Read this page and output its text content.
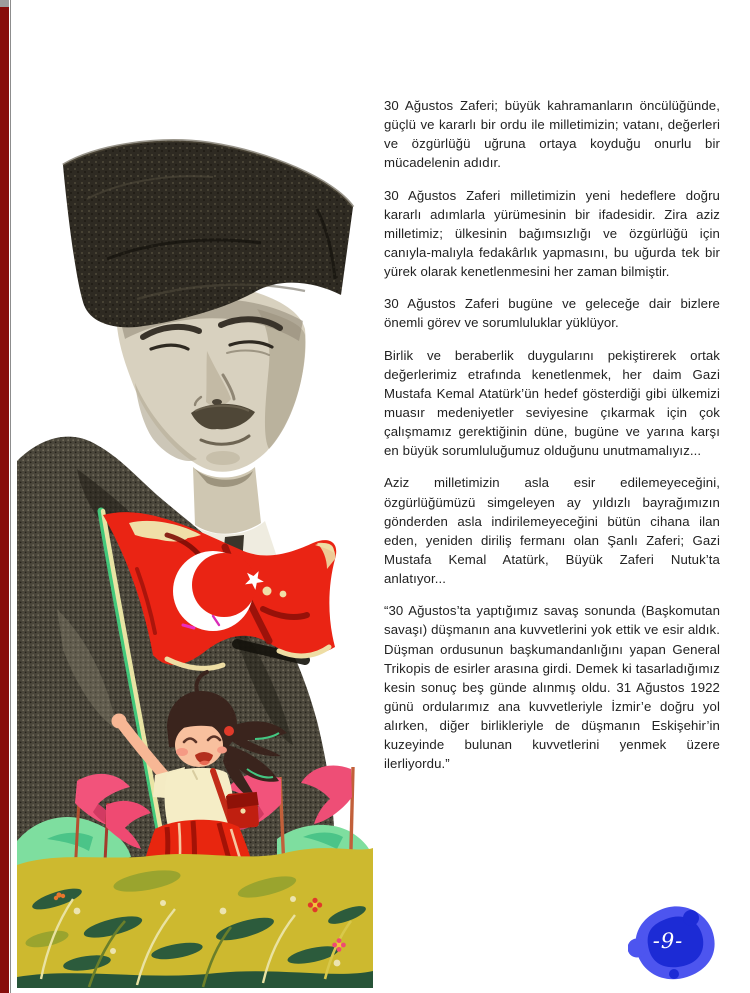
30 Ağustos Zaferi; büyük kahramanların öncülüğünde, güçlü ve kararlı bir ordu ile milletimizin; vatanı, değerleri ve özgürlüğü uğruna ortaya koyduğu onurlu bir mücadelenin adıdır.

30 Ağustos Zaferi milletimizin yeni hedeflere doğru kararlı adımlarla yürümesinin bir ifadesidir. Zira aziz milletimiz; ülkesinin bağımsızlığı ve özgürlüğü için canıyla-malıyla fedakârlık yapmasını, bu uğurda tek bir yürek olarak kenetlenmesini her zaman bilmiştir.

30 Ağustos Zaferi bugüne ve geleceğe dair bizlere önemli görev ve sorumluluklar yüklüyor.

Birlik ve beraberlik duygularını pekiştirerek ortak değerlerimiz etrafında kenetlenmek, her daim Gazi Mustafa Kemal Atatürk’ün hedef gösterdiği gibi ülkemizi muasır medeniyetler seviyesine çıkarmak için çok çalışmamız gerektiğinin düne, bugüne ve yarına karşı en büyük sorumluluğumuz olduğunu unutmamalıyız...

Aziz milletimizin asla esir edilemeyeceğini, özgürlüğümüzü simgeleyen ay yıldızlı bayrağımızın gönderden asla indirilemeyeceğini bütün cihana ilan eden, yeniden diriliş fermanı olan Şanlı Zaferi; Gazi Mustafa Kemal Atatürk, Büyük Zaferi Nutuk’ta anlatıyor...

“30 Ağustos’ta yaptığımız savaş sonunda (Başkomutan savaşı) düşmanın ana kuvvetlerini yok ettik ve esir aldık. Düşman ordusunun başkumandanlığını yapan General Trikopis de esirler arasına girdi. Demek ki tasarladığımız kesin sonuç beş günde alınmış oldu. 31 Ağustos 1922 günü ordularımız ana kuvvetleriyle İzmir’e doğru yol alırken, diğer birlikleriyle de düşmanın Eskişehir’in kuzeyinde bulunan kuvvetlerini yenmek üzere ilerliyordu.”

-9-
